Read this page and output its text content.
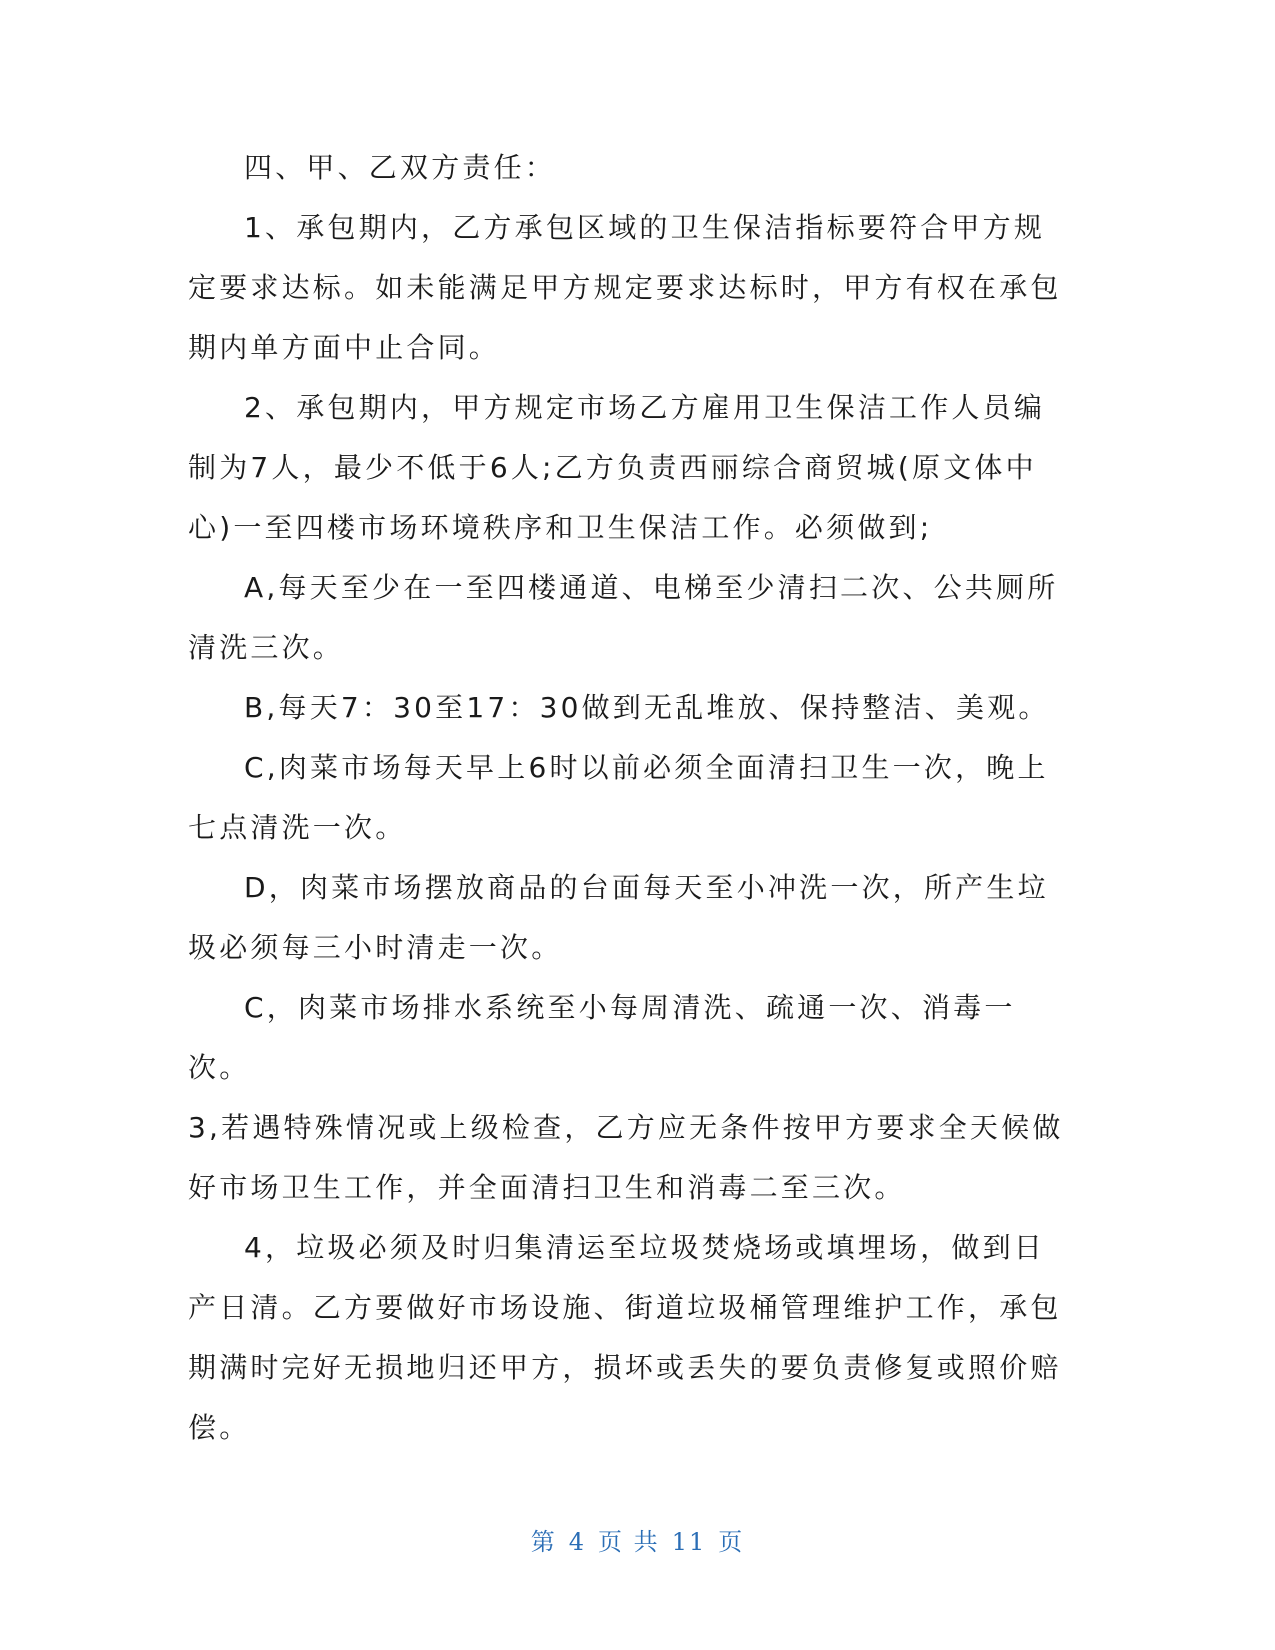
四、甲、乙双方责任：

1、承包期内，乙方承包区域的卫生保洁指标要符合甲方规定要求达标。如未能满足甲方规定要求达标时，甲方有权在承包期内单方面中止合同。

2、承包期内，甲方规定市场乙方雇用卫生保洁工作人员编制为7人，最少不低于6人;乙方负责西丽综合商贸城(原文体中心)一至四楼市场环境秩序和卫生保洁工作。必须做到;

A,每天至少在一至四楼通道、电梯至少清扫二次、公共厕所清洗三次。

B,每天7：30至17：30做到无乱堆放、保持整洁、美观。

C,肉菜市场每天早上6时以前必须全面清扫卫生一次，晚上七点清洗一次。

D，肉菜市场摆放商品的台面每天至小冲洗一次，所产生垃圾必须每三小时清走一次。

C，肉菜市场排水系统至小每周清洗、疏通一次、消毒一次。

3,若遇特殊情况或上级检查，乙方应无条件按甲方要求全天候做好市场卫生工作，并全面清扫卫生和消毒二至三次。

4，垃圾必须及时归集清运至垃圾焚烧场或填埋场，做到日产日清。乙方要做好市场设施、街道垃圾桶管理维护工作，承包期满时完好无损地归还甲方，损坏或丢失的要负责修复或照价赔偿。

第 4 页 共 11 页
